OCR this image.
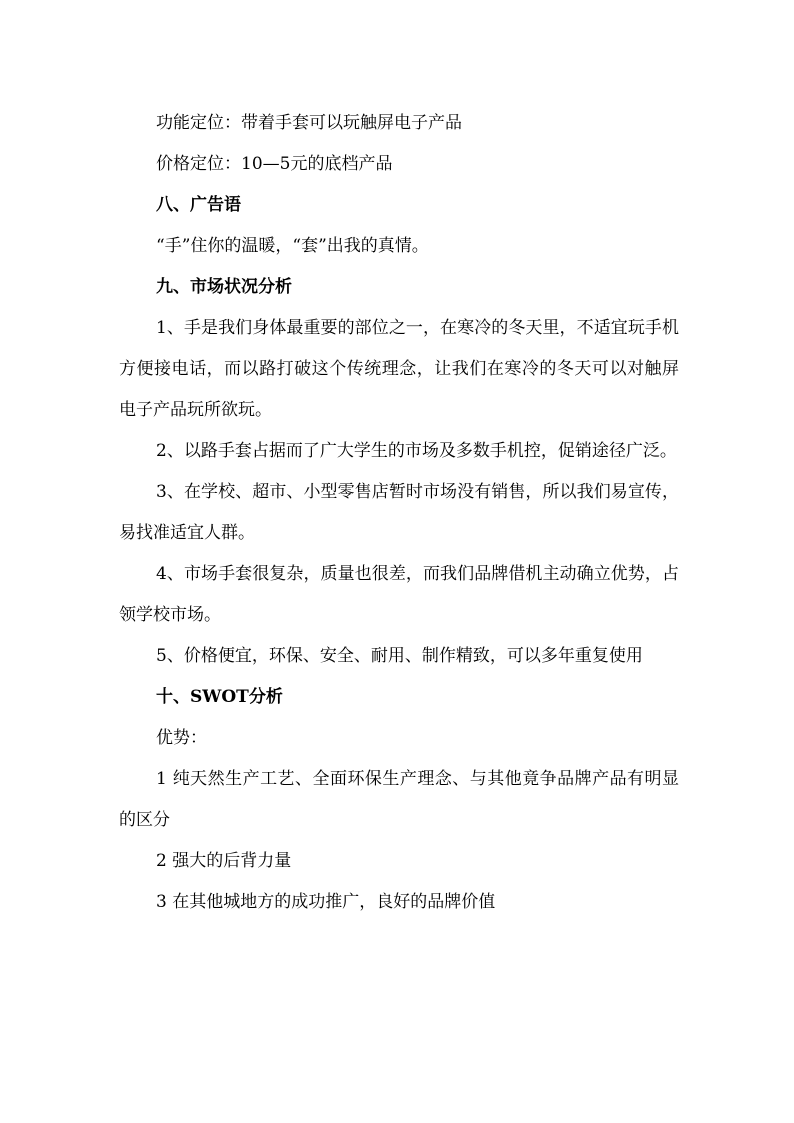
功能定位：带着手套可以玩触屏电子产品

价格定位：10—5元的底档产品

八、广告语

“手”住你的温暖，“套”出我的真情。

九、市场状况分析

1、手是我们身体最重要的部位之一，在寒冷的冬天里，不适宜玩手机方便接电话，而以路打破这个传统理念，让我们在寒冷的冬天可以对触屏电子产品玩所欲玩。

2、以路手套占据而了广大学生的市场及多数手机控，促销途径广泛。

3、在学校、超市、小型零售店暂时市场没有销售，所以我们易宣传，易找准适宜人群。

4、市场手套很复杂，质量也很差，而我们品牌借机主动确立优势，占领学校市场。

5、价格便宜，环保、安全、耐用、制作精致，可以多年重复使用

十、SWOT分析

优势：

1 纯天然生产工艺、全面环保生产理念、与其他竟争品牌产品有明显的区分

2 强大的后背力量

3 在其他城地方的成功推广，良好的品牌价值
